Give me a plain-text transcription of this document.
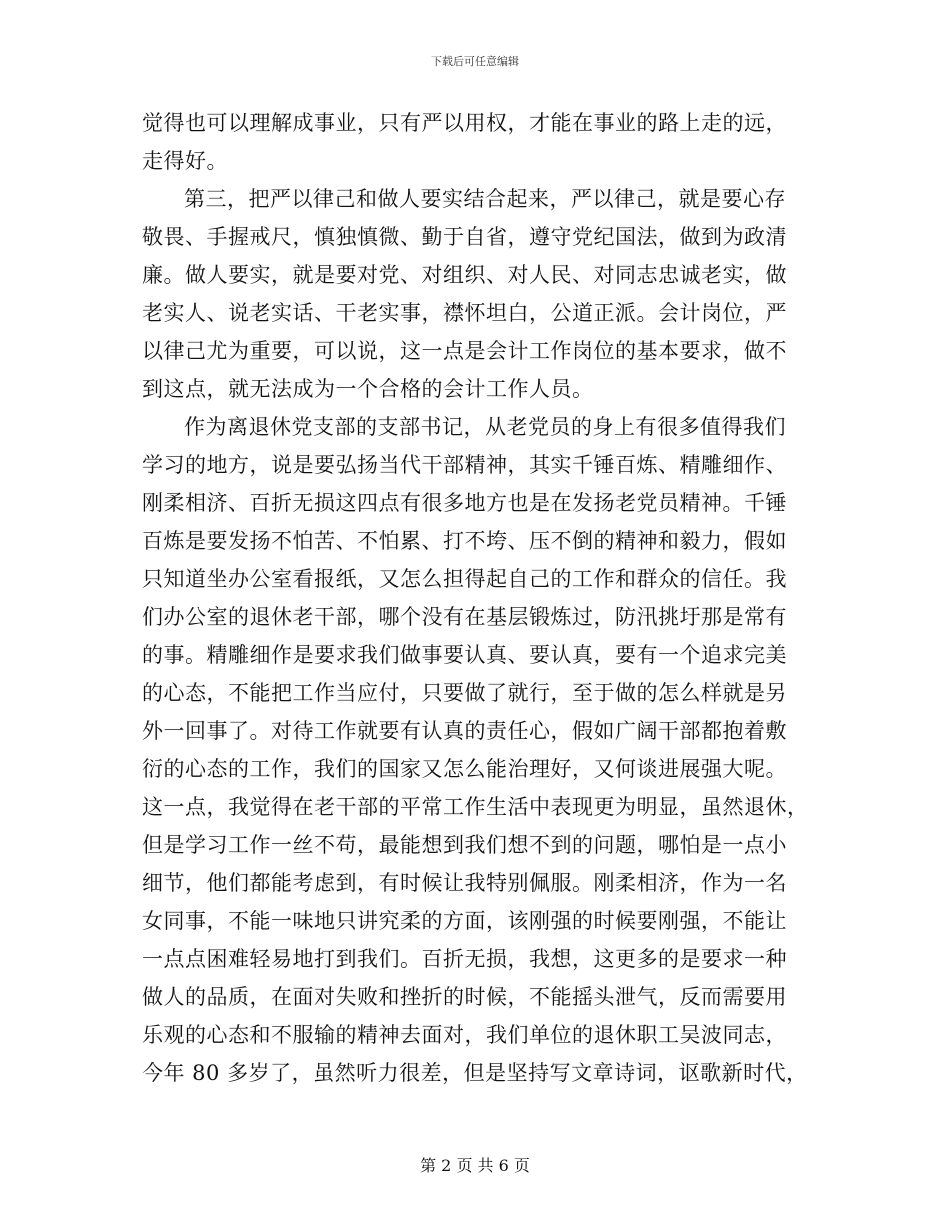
下载后可任意编辑
觉得也可以理解成事业，只有严以用权，才能在事业的路上走的远，
走得好。
第三，把严以律己和做人要实结合起来，严以律己，就是要心存
敬畏、手握戒尺，慎独慎微、勤于自省，遵守党纪国法，做到为政清
廉。做人要实，就是要对党、对组织、对人民、对同志忠诚老实，做
老实人、说老实话、干老实事，襟怀坦白，公道正派。会计岗位，严
以律己尤为重要，可以说，这一点是会计工作岗位的基本要求，做不
到这点，就无法成为一个合格的会计工作人员。
作为离退休党支部的支部书记，从老党员的身上有很多值得我们
学习的地方，说是要弘扬当代干部精神，其实千锤百炼、精雕细作、
刚柔相济、百折无损这四点有很多地方也是在发扬老党员精神。千锤
百炼是要发扬不怕苦、不怕累、打不垮、压不倒的精神和毅力，假如
只知道坐办公室看报纸，又怎么担得起自己的工作和群众的信任。我
们办公室的退休老干部，哪个没有在基层锻炼过，防汛挑圩那是常有
的事。精雕细作是要求我们做事要认真、要认真，要有一个追求完美
的心态，不能把工作当应付，只要做了就行，至于做的怎么样就是另
外一回事了。对待工作就要有认真的责任心，假如广阔干部都抱着敷
衍的心态的工作，我们的国家又怎么能治理好，又何谈进展强大呢。
这一点，我觉得在老干部的平常工作生活中表现更为明显，虽然退休，
但是学习工作一丝不苟，最能想到我们想不到的问题，哪怕是一点小
细节，他们都能考虑到，有时候让我特别佩服。刚柔相济，作为一名
女同事，不能一味地只讲究柔的方面，该刚强的时候要刚强，不能让
一点点困难轻易地打到我们。百折无损，我想，这更多的是要求一种
做人的品质，在面对失败和挫折的时候，不能摇头泄气，反而需要用
乐观的心态和不服输的精神去面对，我们单位的退休职工吴波同志，
今年 80 多岁了，虽然听力很差，但是坚持写文章诗词，讴歌新时代，
第 2 页 共 6 页
